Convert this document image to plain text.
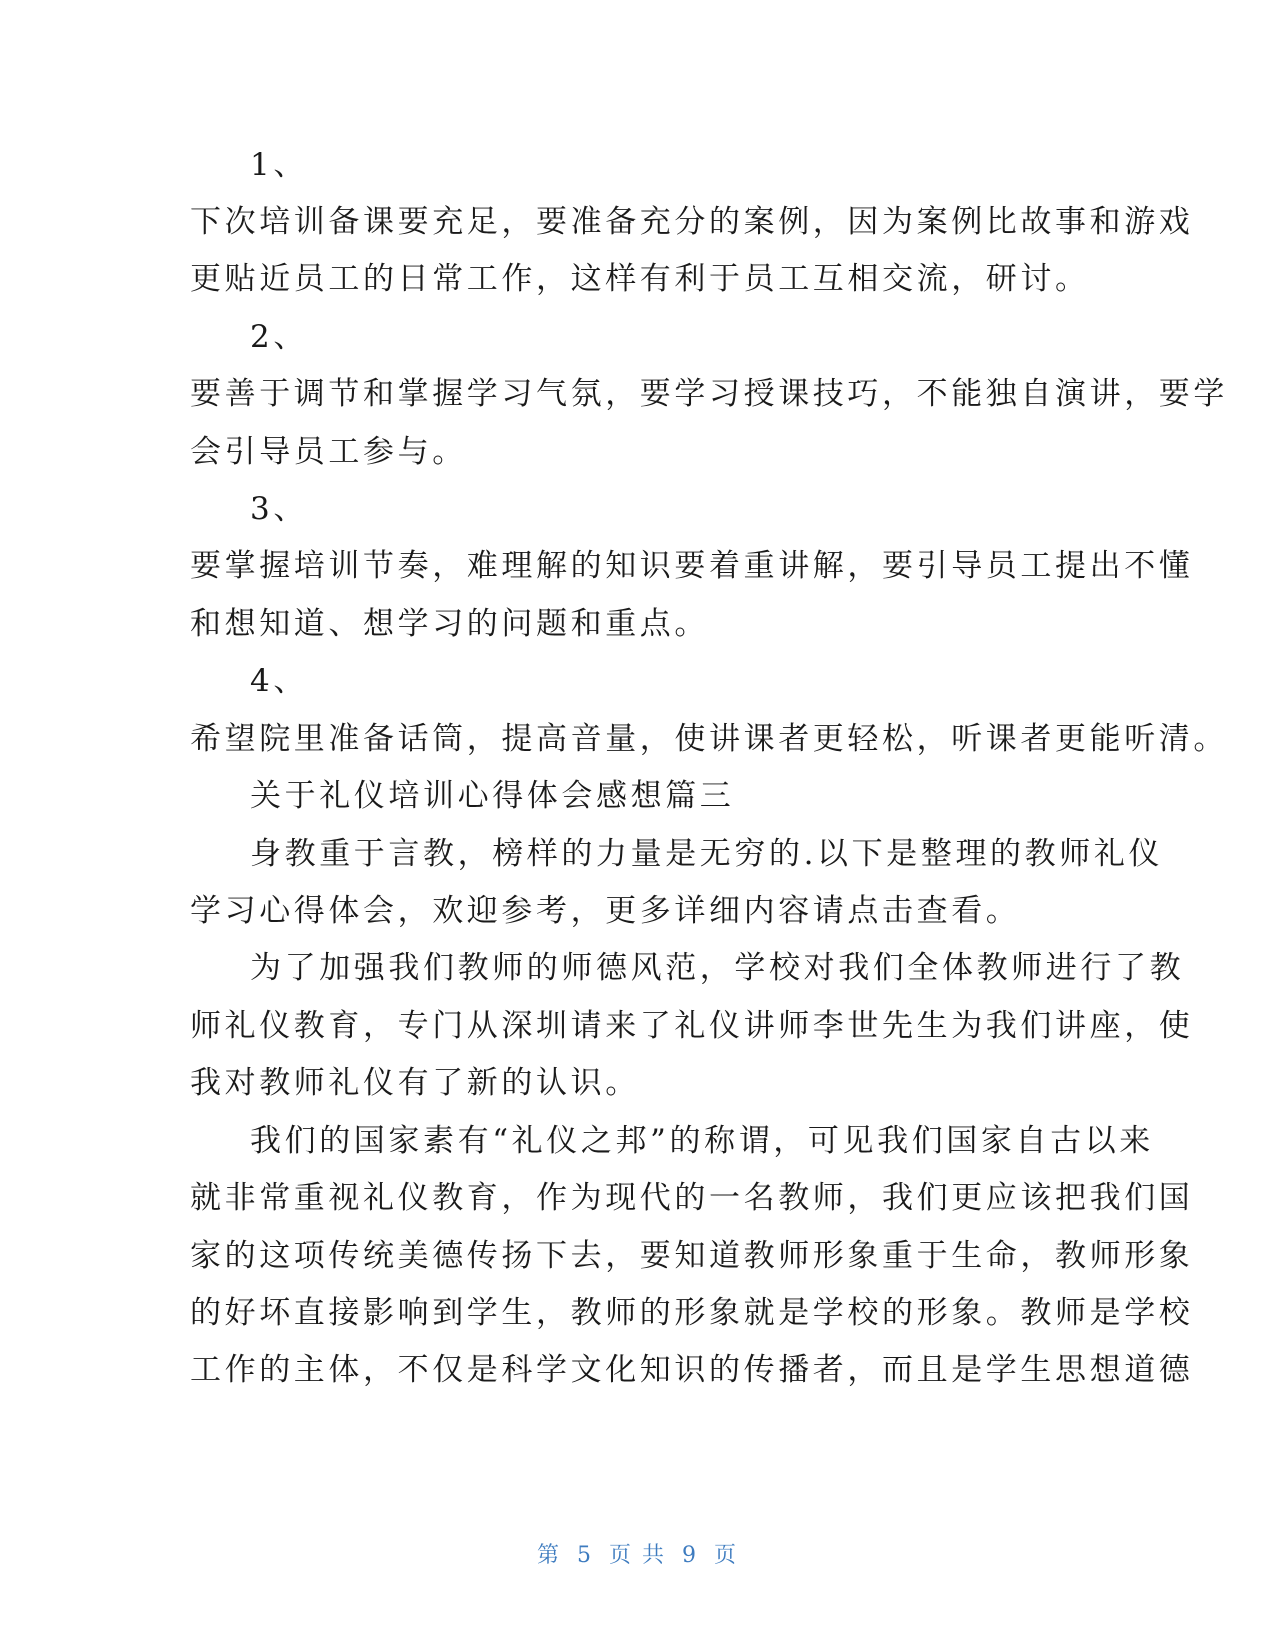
1、
下次培训备课要充足，要准备充分的案例，因为案例比故事和游戏
更贴近员工的日常工作，这样有利于员工互相交流，研讨。
2、
要善于调节和掌握学习气氛，要学习授课技巧，不能独自演讲，要学
会引导员工参与。
3、
要掌握培训节奏，难理解的知识要着重讲解，要引导员工提出不懂
和想知道、想学习的问题和重点。
4、
希望院里准备话筒，提高音量，使讲课者更轻松，听课者更能听清。
关于礼仪培训心得体会感想篇三
身教重于言教，榜样的力量是无穷的.以下是整理的教师礼仪
学习心得体会，欢迎参考，更多详细内容请点击查看。
为了加强我们教师的师德风范，学校对我们全体教师进行了教
师礼仪教育，专门从深圳请来了礼仪讲师李世先生为我们讲座，使
我对教师礼仪有了新的认识。
我们的国家素有“礼仪之邦”的称谓，可见我们国家自古以来
就非常重视礼仪教育，作为现代的一名教师，我们更应该把我们国
家的这项传统美德传扬下去，要知道教师形象重于生命，教师形象
的好坏直接影响到学生，教师的形象就是学校的形象。教师是学校
工作的主体，不仅是科学文化知识的传播者，而且是学生思想道德
第 5 页 共 9 页
